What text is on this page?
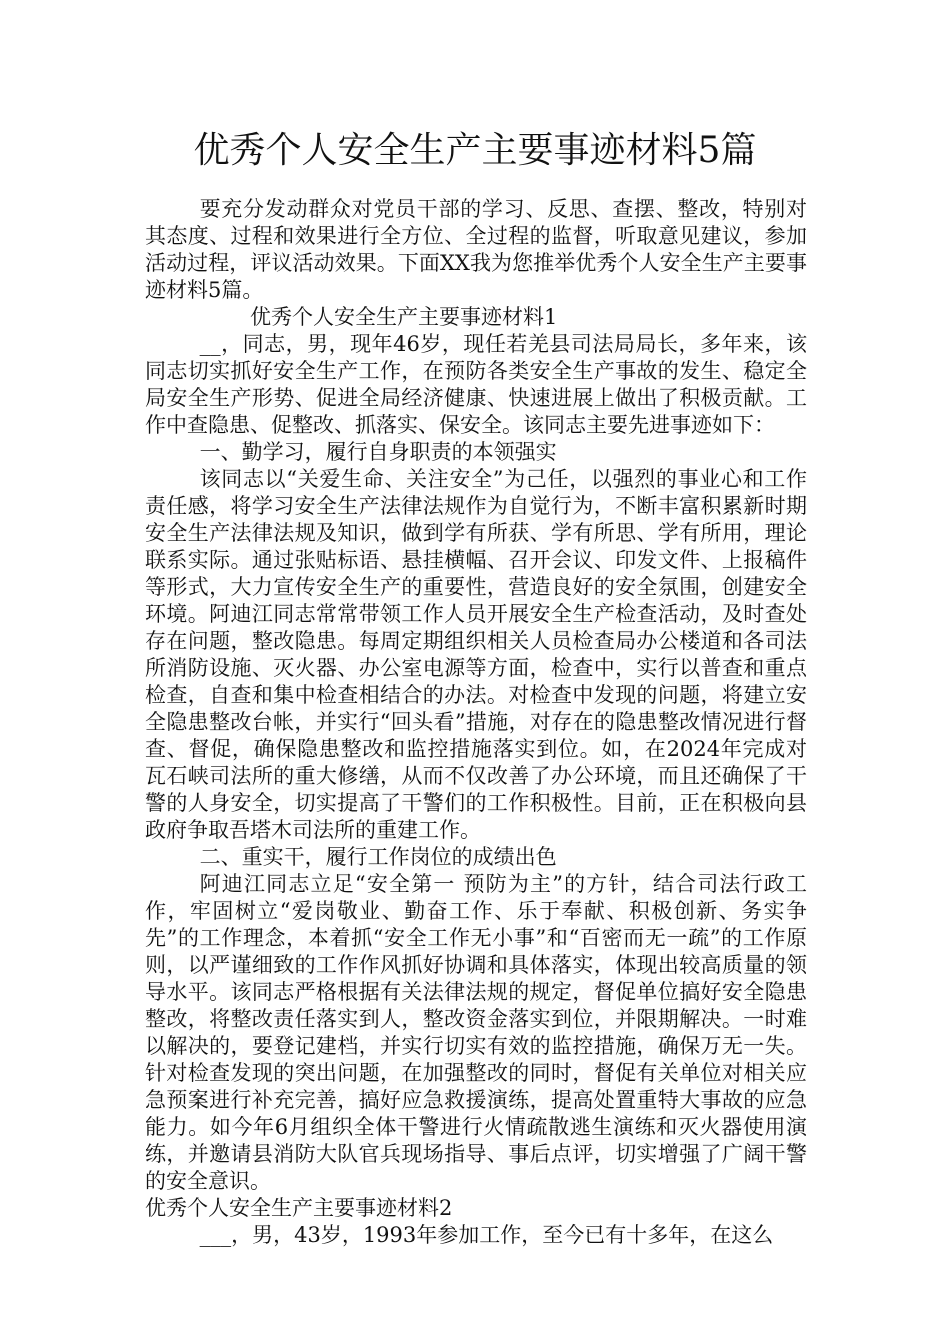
优秀个人安全生产主要事迹材料5篇

要充分发动群众对党员干部的学习、反思、查摆、整改，特别对其态度、过程和效果进行全方位、全过程的监督，听取意见建议，参加活动过程，评议活动效果。下面XX我为您推举优秀个人安全生产主要事迹材料5篇。

优秀个人安全生产主要事迹材料1

__，同志，男，现年46岁，现任若羌县司法局局长，多年来，该同志切实抓好安全生产工作，在预防各类安全生产事故的发生、稳定全局安全生产形势、促进全局经济健康、快速进展上做出了积极贡献。工作中查隐患、促整改、抓落实、保安全。该同志主要先进事迹如下：

一、勤学习，履行自身职责的本领强实

该同志以“关爱生命、关注安全”为己任，以强烈的事业心和工作责任感，将学习安全生产法律法规作为自觉行为，不断丰富积累新时期安全生产法律法规及知识，做到学有所获、学有所思、学有所用，理论联系实际。通过张贴标语、悬挂横幅、召开会议、印发文件、上报稿件等形式，大力宣传安全生产的重要性，营造良好的安全氛围，创建安全环境。阿迪江同志常常带领工作人员开展安全生产检查活动，及时查处存在问题，整改隐患。每周定期组织相关人员检查局办公楼道和各司法所消防设施、灭火器、办公室电源等方面，检查中，实行以普查和重点检查，自查和集中检查相结合的办法。对检查中发现的问题，将建立安全隐患整改台帐，并实行“回头看”措施，对存在的隐患整改情况进行督查、督促，确保隐患整改和监控措施落实到位。如，在2024年完成对瓦石峡司法所的重大修缮，从而不仅改善了办公环境，而且还确保了干警的人身安全，切实提高了干警们的工作积极性。目前，正在积极向县政府争取吾塔木司法所的重建工作。

二、重实干，履行工作岗位的成绩出色

阿迪江同志立足“安全第一 预防为主”的方针，结合司法行政工作，牢固树立“爱岗敬业、勤奋工作、乐于奉献、积极创新、务实争先”的工作理念，本着抓“安全工作无小事”和“百密而无一疏”的工作原则，以严谨细致的工作作风抓好协调和具体落实，体现出较高质量的领导水平。该同志严格根据有关法律法规的规定，督促单位搞好安全隐患整改，将整改责任落实到人，整改资金落实到位，并限期解决。一时难以解决的，要登记建档，并实行切实有效的监控措施，确保万无一失。针对检查发现的突出问题，在加强整改的同时，督促有关单位对相关应急预案进行补充完善，搞好应急救援演练，提高处置重特大事故的应急能力。如今年6月组织全体干警进行火情疏散逃生演练和灭火器使用演练，并邀请县消防大队官兵现场指导、事后点评，切实增强了广阔干警的安全意识。

优秀个人安全生产主要事迹材料2

___，男，43岁，1993年参加工作，至今已有十多年，在这么
